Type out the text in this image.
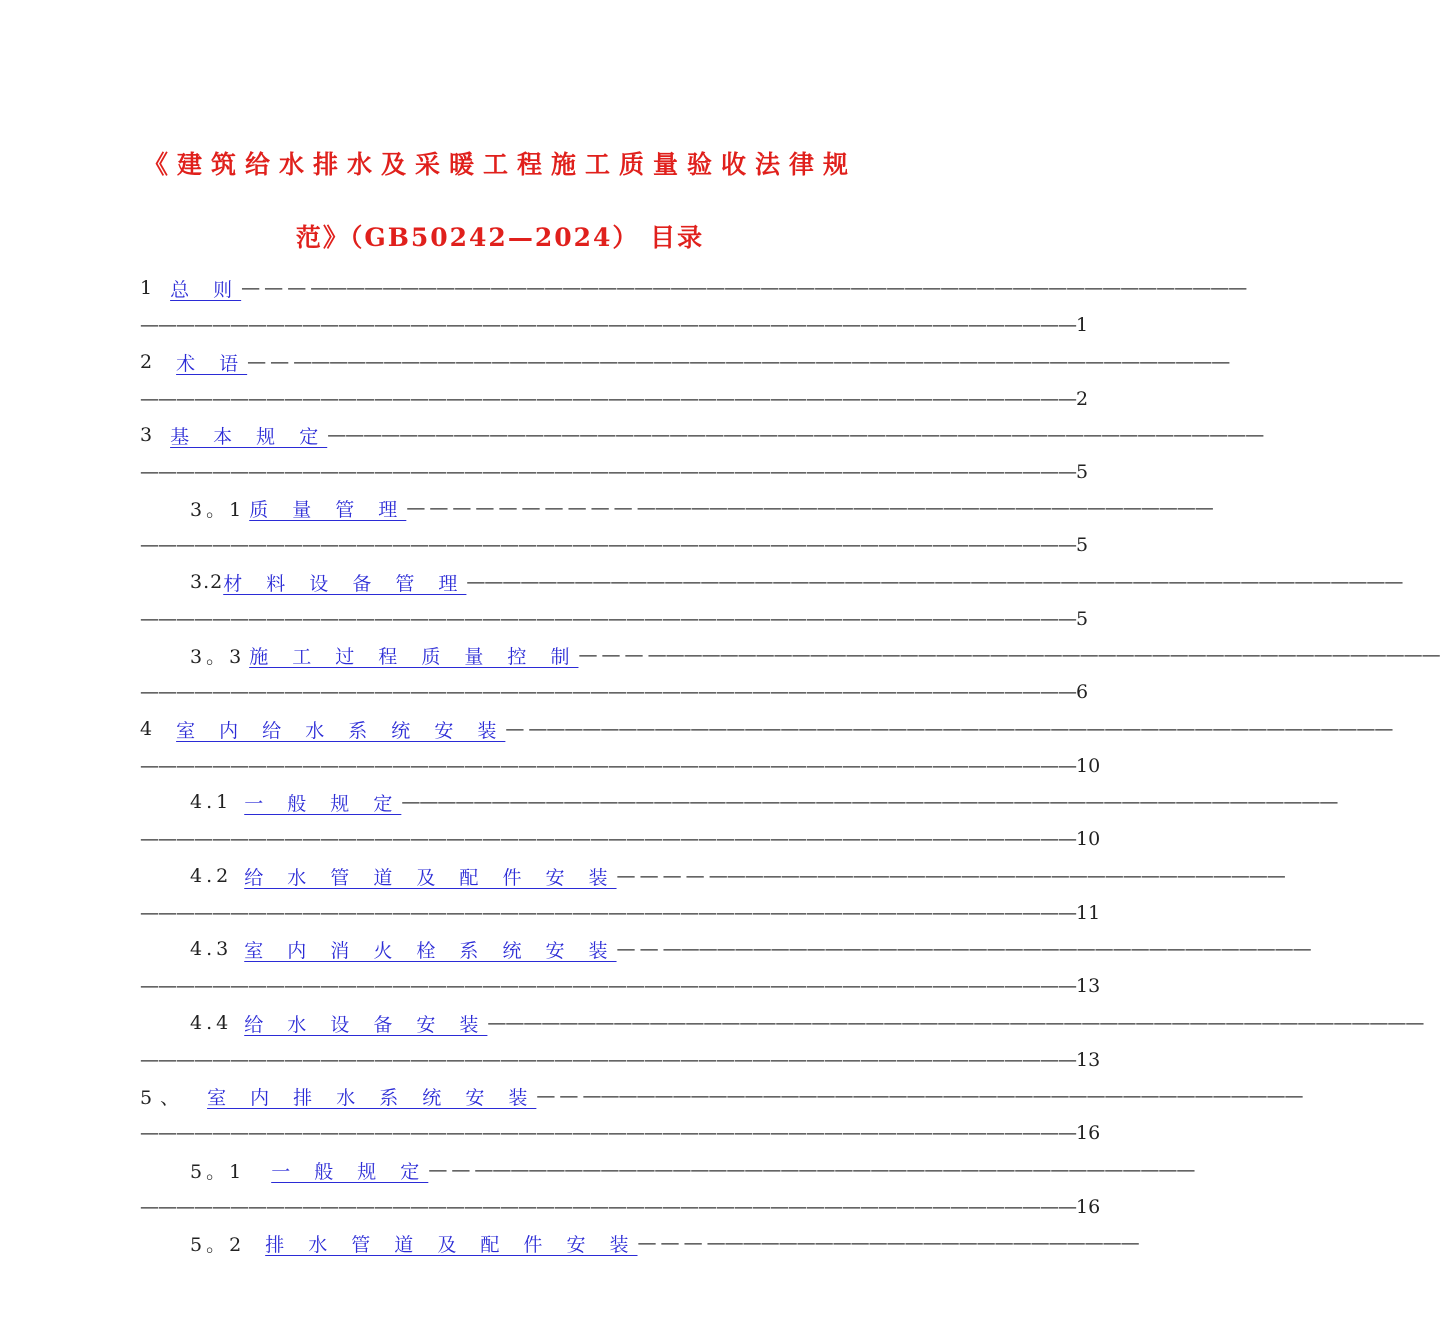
《建筑给水排水及采暖工程施工质量验收法律规
范》（GB50242—2024） 目录
1 总 则 — — — ————————————————————————————————————————————————————
———————————————————————————————————————————————————— 1
2 术 语 — — ————————————————————————————————————————————————————
———————————————————————————————————————————————————— 2
3 基 本 规 定 ————————————————————————————————————————————————————
———————————————————————————————————————————————————— 5
3。1 质 量 管 理 — — — — — — — — — — ————————————————————————————————
———————————————————————————————————————————————————— 5
3.2 材 料 设 备 管 理 ————————————————————————————————————————————————————
———————————————————————————————————————————————————— 5
3。3 施 工 过 程 质 量 控 制 — — — ————————————————————————————————————————————
———————————————————————————————————————————————————— 6
4 室 内 给 水 系 统 安 装 — ————————————————————————————————————————————————
———————————————————————————————————————————————————— 10
4.1 一 般 规 定 ————————————————————————————————————————————————————
———————————————————————————————————————————————————— 10
4.2 给 水 管 道 及 配 件 安 装 — — — — ————————————————————————————————
———————————————————————————————————————————————————— 11
4.3 室 内 消 火 栓 系 统 安 装 — — ————————————————————————————————————
———————————————————————————————————————————————————— 13
4.4 给 水 设 备 安 装 ————————————————————————————————————————————————————
———————————————————————————————————————————————————— 13
5、 室 内 排 水 系 统 安 装 — — ————————————————————————————————————————
———————————————————————————————————————————————————— 16
5。1 一 般 规 定 — — ————————————————————————————————————————
———————————————————————————————————————————————————— 16
5。2 排 水 管 道 及 配 件 安 装 — — — ————————————————————————
